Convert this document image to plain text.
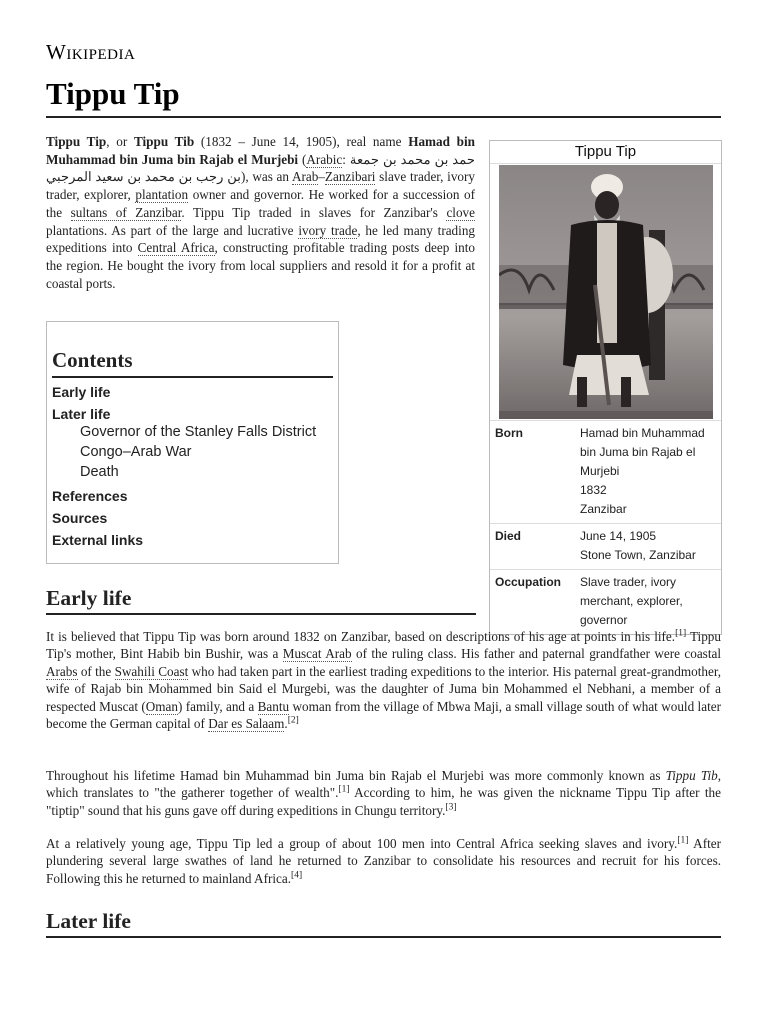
Wikipedia
Tippu Tip

Tippu Tip, or Tippu Tib (1832 – June 14, 1905), real name Hamad bin Muhammad bin Juma bin Rajab el Murjebi (Arabic: حمد بن محمد بن جمعة بن رجب بن محمد بن سعيد المرجبي), was an Arab–Zanzibari slave trader, ivory trader, explorer, plantation owner and governor. He worked for a succession of the sultans of Zanzibar. Tippu Tip traded in slaves for Zanzibar's clove plantations. As part of the large and lucrative ivory trade, he led many trading expeditions into Central Africa, constructing profitable trading posts deep into the region. He bought the ivory from local suppliers and resold it for a profit at coastal ports.

Tippu Tip
Born	Hamad bin Muhammad bin Juma bin Rajab el Murjebi
1832
Zanzibar
Died	June 14, 1905
Stone Town, Zanzibar
Occupation	Slave trader, ivory merchant, explorer, governor
Contents
Early life
Later life
Governor of the Stanley Falls District
Congo–Arab War
Death
References
Sources
External links
Early life

It is believed that Tippu Tip was born around 1832 on Zanzibar, based on descriptions of his age at points in his life.[1] Tippu Tip's mother, Bint Habib bin Bushir, was a Muscat Arab of the ruling class. His father and paternal grandfather were coastal Arabs of the Swahili Coast who had taken part in the earliest trading expeditions to the interior. His paternal great-grandmother, wife of Rajab bin Mohammed bin Said el Murgebi, was the daughter of Juma bin Mohammed el Nebhani, a member of a respected Muscat (Oman) family, and a Bantu woman from the village of Mbwa Maji, a small village south of what would later become the German capital of Dar es Salaam.[2]

Throughout his lifetime Hamad bin Muhammad bin Juma bin Rajab el Murjebi was more commonly known as Tippu Tib, which translates to "the gatherer together of wealth".[1] According to him, he was given the nickname Tippu Tip after the "tiptip" sound that his guns gave off during expeditions in Chungu territory.[3]

At a relatively young age, Tippu Tip led a group of about 100 men into Central Africa seeking slaves and ivory.[1] After plundering several large swathes of land he returned to Zanzibar to consolidate his resources and recruit for his forces. Following this he returned to mainland Africa.[4]

Later life
